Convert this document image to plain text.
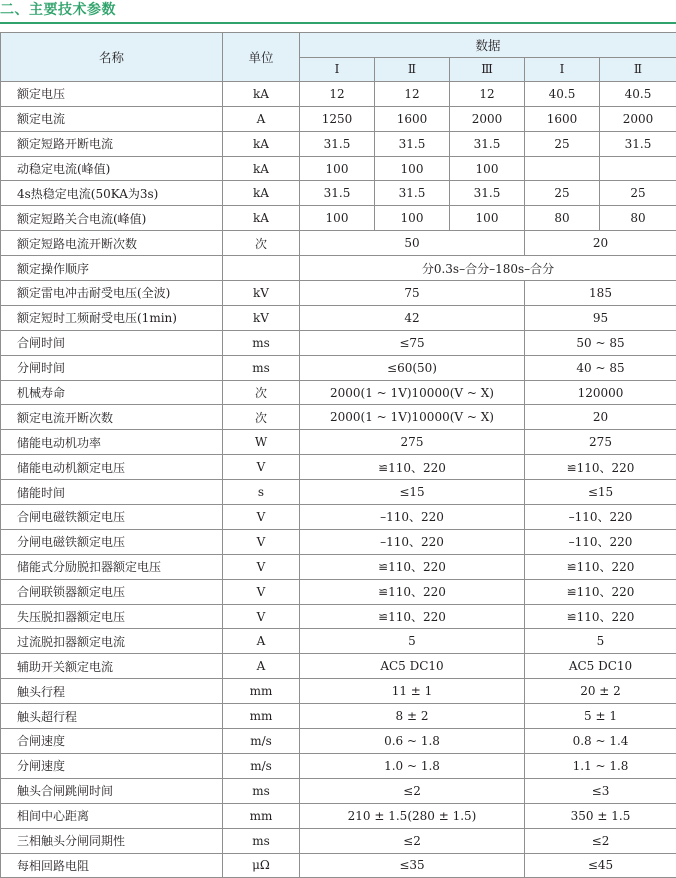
二、主要技术参数
名称	单位	数据				
		Ⅰ	Ⅱ	Ⅲ	Ⅰ	Ⅱ
额定电压	kA	12	12	12	40.5	40.5
额定电流	A	1250	1600	2000	1600	2000
额定短路开断电流	kA	31.5	31.5	31.5	25	31.5
动稳定电流(峰值)	kA	100	100	100		
4s热稳定电流(50KA为3s)	kA	31.5	31.5	31.5	25	25
额定短路关合电流(峰值)	kA	100	100	100	80	80
额定短路电流开断次数	次	50			20	
额定操作顺序		分0.3s–合分–180s–合分				
额定雷电冲击耐受电压(全波)	kV	75			185	
额定短时工频耐受电压(1min)	kV	42			95	
合闸时间	ms	≤75			50 ~ 85	
分闸时间	ms	≤60(50)			40 ~ 85	
机械寿命	次	2000(1 ~ 1V)10000(V ~ X)			120000	
额定电流开断次数	次	2000(1 ~ 1V)10000(V ~ X)			20	
储能电动机功率	W	275			275	
储能电动机额定电压	V	≌110、220			≌110、220	
储能时间	s	≤15			≤15	
合闸电磁铁额定电压	V	–110、220			–110、220	
分闸电磁铁额定电压	V	–110、220			–110、220	
储能式分励脱扣器额定电压	V	≌110、220			≌110、220	
合闸联锁器额定电压	V	≌110、220			≌110、220	
失压脱扣器额定电压	V	≌110、220			≌110、220	
过流脱扣器额定电流	A	5			5	
辅助开关额定电流	A	AC5 DC10			AC5 DC10	
触头行程	mm	11 ± 1			20 ± 2	
触头超行程	mm	8 ± 2			5 ± 1	
合闸速度	m/s	0.6 ~ 1.8			0.8 ~ 1.4	
分闸速度	m/s	1.0 ~ 1.8			1.1 ~ 1.8	
触头合闸跳闸时间	ms	≤2			≤3	
相间中心距离	mm	210 ± 1.5(280 ± 1.5)			350 ± 1.5	
三相触头分闸同期性	ms	≤2			≤2	
每相回路电阻	μΩ	≤35			≤45	
